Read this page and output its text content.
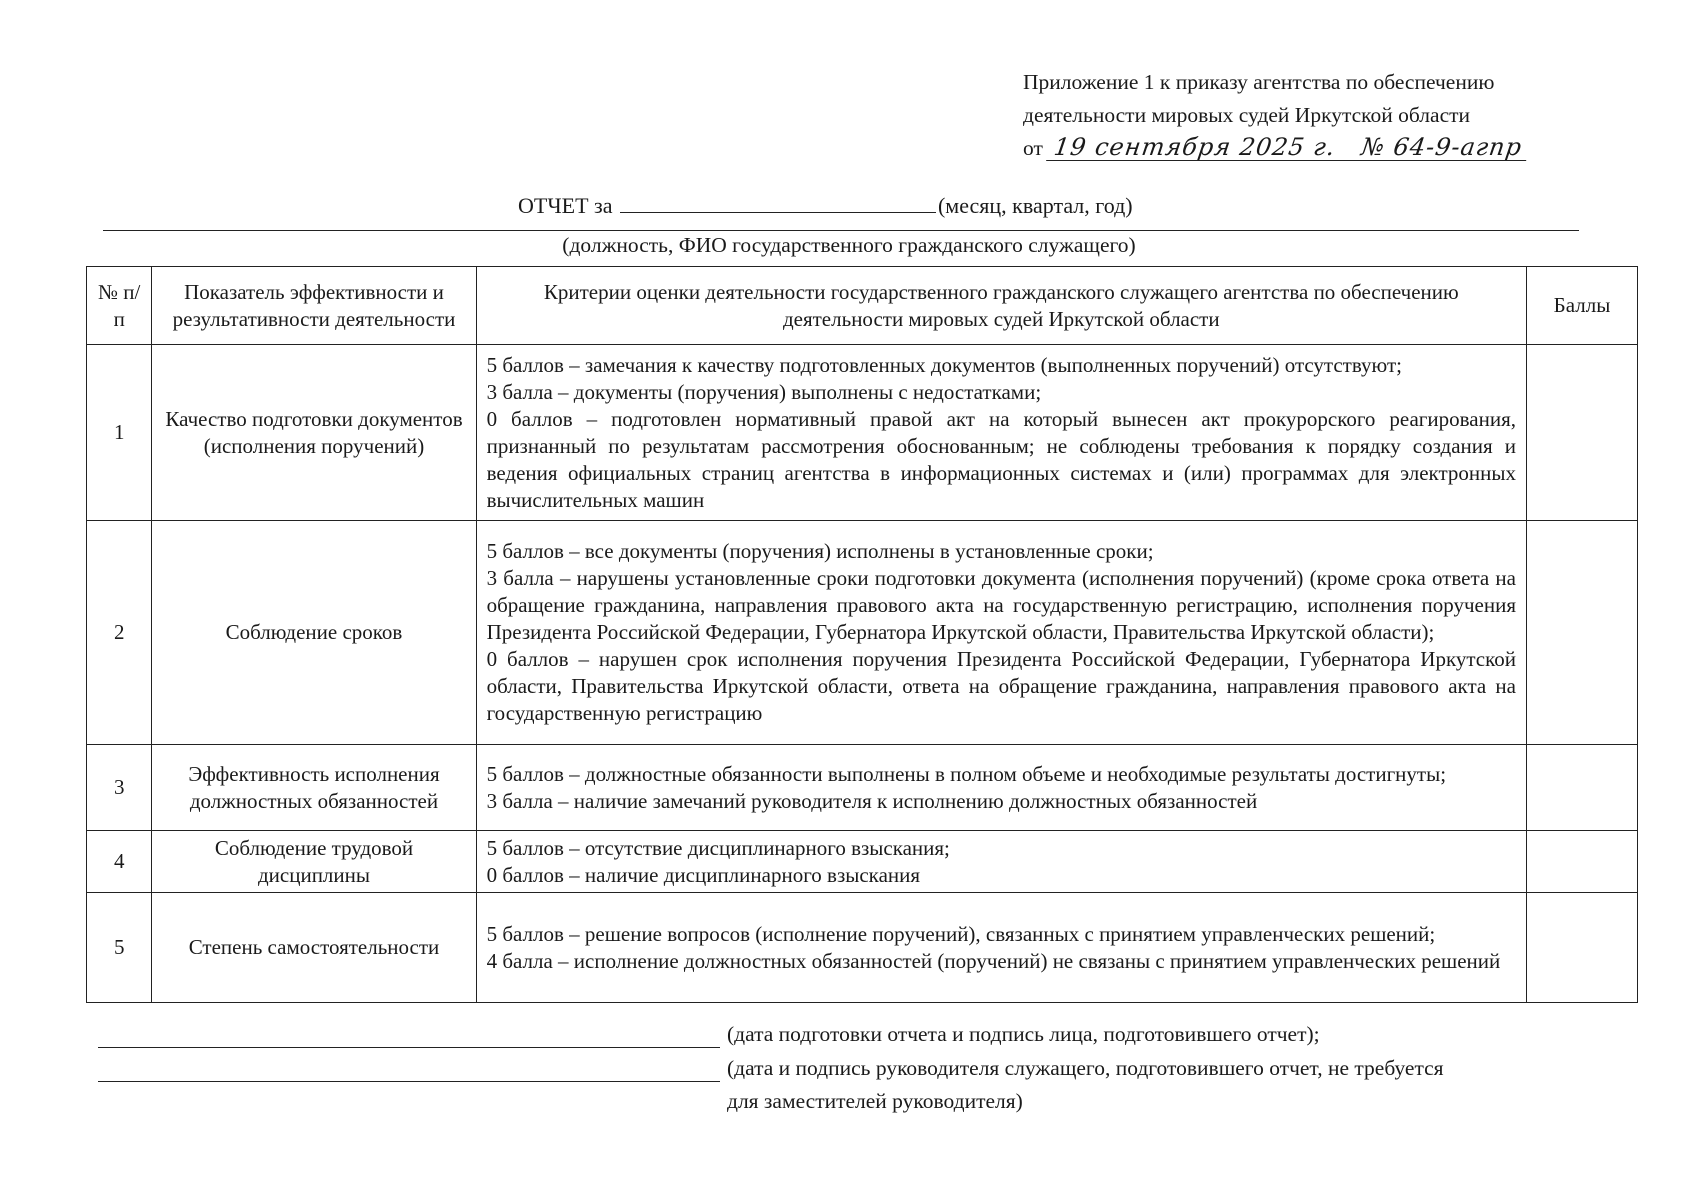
Приложение 1 к приказу агентства по обеспечению
деятельности мировых судей Иркутской области
от 19 сентября 2025 г. № 64-9-агпр
ОТЧЕТ за	(месяц, квартал, год)
(должность, ФИО государственного гражданского служащего)
№ п/п	Показатель эффективности и результативности деятельности	Критерии оценки деятельности государственного гражданского служащего агентства по обеспечению деятельности мировых судей Иркутской области	Баллы
1	Качество подготовки документов (исполнения поручений)	5 баллов – замечания к качеству подготовленных документов (выполненных поручений) отсутствуют;
3 балла – документы (поручения) выполнены с недостатками;
0 баллов – подготовлен нормативный правой акт на который вынесен акт прокурорского реагирования, признанный по результатам рассмотрения обоснованным; не соблюдены требования к порядку создания и ведения официальных страниц агентства в информационных системах и (или) программах для электронных вычислительных машин	

2	Соблюдение сроков	5 баллов – все документы (поручения) исполнены в установленные сроки;
3 балла – нарушены установленные сроки подготовки документа (исполнения поручений) (кроме срока ответа на обращение гражданина, направления правового акта на государственную регистрацию, исполнения поручения Президента Российской Федерации, Губернатора Иркутской области, Правительства Иркутской области);
0 баллов – нарушен срок исполнения поручения Президента Российской Федерации, Губернатора Иркутской области, Правительства Иркутской области, ответа на обращение гражданина, направления правового акта на государственную регистрацию	

3	Эффективность исполнения должностных обязанностей	5 баллов – должностные обязанности выполнены в полном объеме и необходимые результаты достигнуты;
3 балла – наличие замечаний руководителя к исполнению должностных обязанностей	

4	Соблюдение трудовой дисциплины	5 баллов – отсутствие дисциплинарного взыскания;
0 баллов – наличие дисциплинарного взыскания	

5	Степень самостоятельности	5 баллов – решение вопросов (исполнение поручений), связанных с принятием управленческих решений;
4 балла – исполнение должностных обязанностей (поручений) не связаны с принятием управленческих решений	

(дата подготовки отчета и подпись лица, подготовившего отчет);
(дата и подпись руководителя служащего, подготовившего отчет, не требуется
для заместителей руководителя)
